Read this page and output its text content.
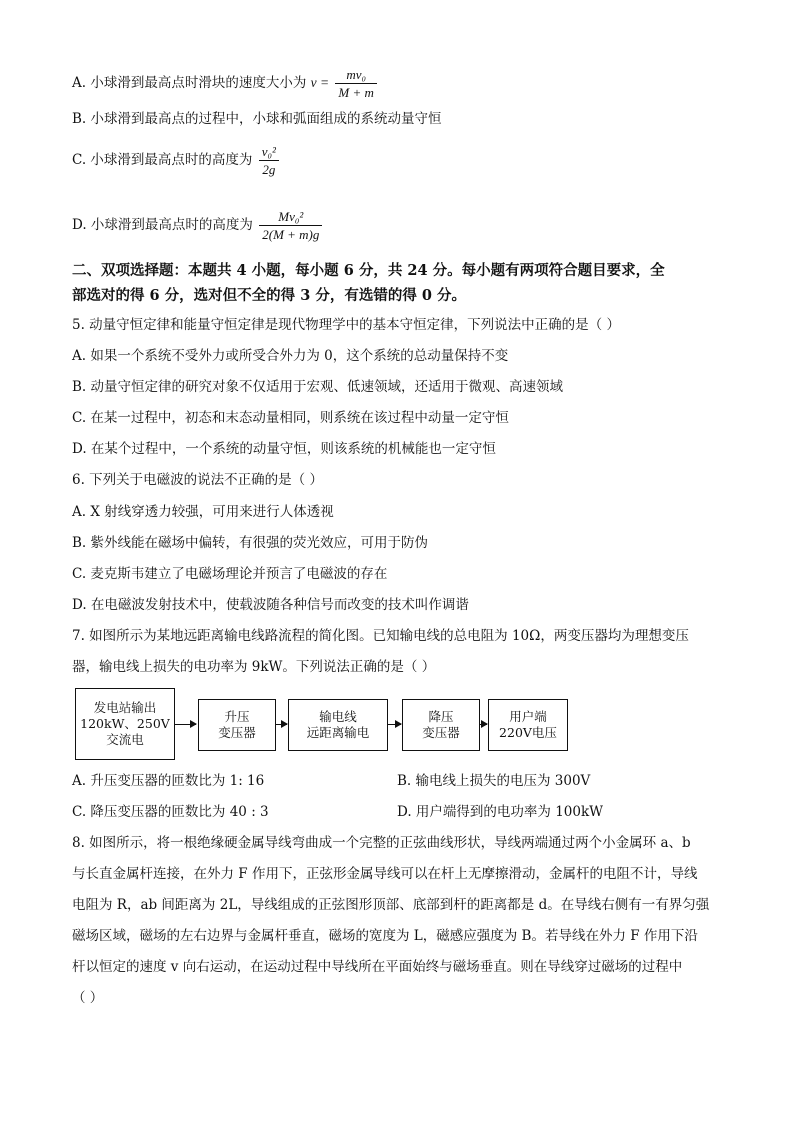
A. 小球滑到最高点时滑块的速度大小为 $v = \frac{\text{mv₀}}{M + m}$
B. 小球滑到最高点的过程中，小球和弧面组成的系统动量守恒
C. 小球滑到最高点时的高度为 $\frac{\text{v₀²}}{2g}$
D. 小球滑到最高点时的高度为 $\frac{\text{Mv₀²}}{2(M + m)g}$
二、双项选择题：本题共 4 小题，每小题 6 分，共 24 分。每小题有两项符合题目要求，全
部选对的得 6 分，选对但不全的得 3 分，有选错的得 0 分。
5. 动量守恒定律和能量守恒定律是现代物理学中的基本守恒定律，下列说法中正确的是（ ）
A. 如果一个系统不受外力或所受合外力为 0，这个系统的总动量保持不变
B. 动量守恒定律的研究对象不仅适用于宏观、低速领域，还适用于微观、高速领域
C. 在某一过程中，初态和末态动量相同，则系统在该过程中动量一定守恒
D. 在某个过程中，一个系统的动量守恒，则该系统的机械能也一定守恒
6. 下列关于电磁波的说法不正确的是（ ）
A. X 射线穿透力较强，可用来进行人体透视
B. 紫外线能在磁场中偏转，有很强的荧光效应，可用于防伪
C. 麦克斯韦建立了电磁场理论并预言了电磁波的存在
D. 在电磁波发射技术中，使载波随各种信号而改变的技术叫作调谐
7. 如图所示为某地远距离输电线路流程的简化图。已知输电线的总电阻为 10Ω，两变压器均为理想变压
器，输电线上损失的电功率为 9kW。下列说法正确的是（ ）
发电站输出
120kW、250V
交流电
升压
变压器
输电线
远距离输电
降压
变压器
用户端
220V电压
A. 升压变压器的匝数比为 1: 16	B. 输电线上损失的电压为 300V
C. 降压变压器的匝数比为 40 : 3	D. 用户端得到的电功率为 100kW
8. 如图所示，将一根绝缘硬金属导线弯曲成一个完整的正弦曲线形状，导线两端通过两个小金属环 a、b
与长直金属杆连接，在外力 F 作用下，正弦形金属导线可以在杆上无摩擦滑动，金属杆的电阻不计，导线
电阻为 R，ab 间距离为 2L，导线组成的正弦图形顶部、底部到杆的距离都是 d。在导线右侧有一有界匀强
磁场区域，磁场的左右边界与金属杆垂直，磁场的宽度为 L，磁感应强度为 B。若导线在外力 F 作用下沿
杆以恒定的速度 v 向右运动，在运动过程中导线所在平面始终与磁场垂直。则在导线穿过磁场的过程中
（ ）
